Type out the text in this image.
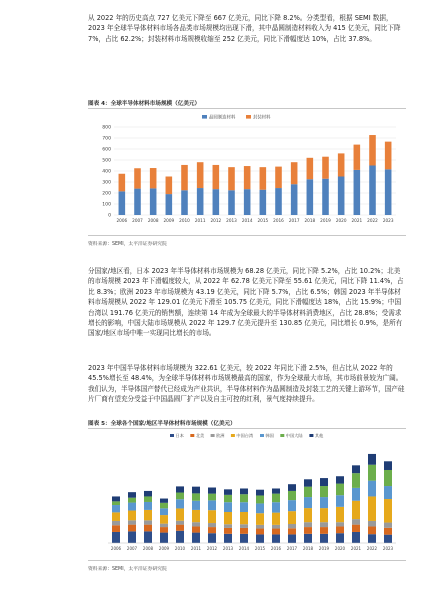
从 2022 年的历史高点 727 亿美元下降至 667 亿美元，同比下降 8.2%。分类型看，根据 SEMI 数据，2023 年全球半导体材料市场各品类市场规模均出现下滑，其中晶圆制造材料收入为 415 亿美元，同比下降 7%，占比 62.2%；封装材料市场规模收缩至 252 亿美元，同比下滑幅度达 10%，占比 37.8%。

图表 4：全球半导体材料市场规模（亿美元）
0
100
200
300
400
500
600
700
800
2006 2007 2008 2009 2010 2011 2012 2013 2014 2015 2016 2017 2018 2019 2020 2021 2022 2023
晶圆制造材料	封装材料
资料来源：SEMI，太平洋证券研究院

分国家/地区看，日本 2023 年半导体材料市场规模为 68.28 亿美元，同比下降 5.2%，占比 10.2%；北美的市场规模 2023 年下滑幅度较大，从 2022 年 62.78 亿美元下降至 55.61 亿美元，同比下降 11.4%，占比 8.3%；欧洲 2023 年市场规模为 43.19 亿美元，同比下降 5.7%，占比 6.5%；韩国 2023 年半导体材料市场规模从 2022 年 129.01 亿美元下滑至 105.75 亿美元，同比下滑幅度达 18%，占比 15.9%；中国台湾以 191.76 亿美元的销售额，连续第 14 年成为全球最大的半导体材料消费地区，占比 28.8%；受需求增长的影响，中国大陆市场规模从 2022 年 129.7 亿美元提升至 130.85 亿美元，同比增长 0.9%，是所有国家/地区市场中唯一实现同比增长的市场。

2023 年中国半导体材料市场规模为 322.61 亿美元，较 2022 年同比下滑 2.5%，但占比从 2022 年的 45.5%增长至 48.4%，为全球半导体材料市场规模最高的国家，作为全球最大市场，其市场前景较为广阔。我们认为，半导体国产替代已经成为产业共识，半导体材料作为晶圆制造及封装工艺的关键上游环节，国产硅片厂商有望充分受益于中国晶圆厂扩产以及自主可控的红利，景气度持续提升。

图表 5：全球各个国家/地区半导体材料市场规模（亿美元）
2006 2007 2008 2009 2010 2011 2012 2013 2014 2015 2016 2017 2018 2019 2020 2021 2022 2023
日本	北美	欧洲	中国台湾	韩国	中国大陆	其他
资料来源：SEMI，太平洋证券研究院
